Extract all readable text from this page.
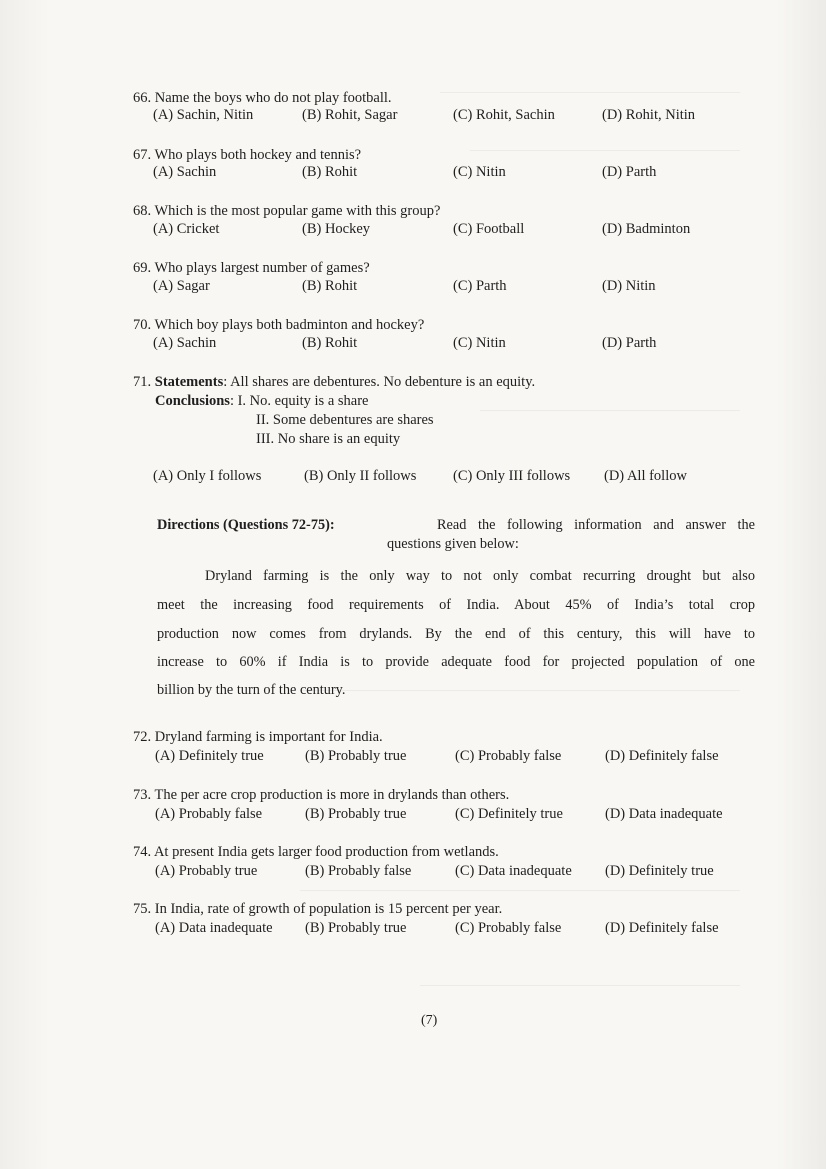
66. Name the boys who do not play football.
(A) Sachin, Nitin	(B) Rohit, Sagar	(C) Rohit, Sachin	(D) Rohit, Nitin
67. Who plays both hockey and tennis?
(A) Sachin	(B) Rohit	(C) Nitin	(D) Parth
68. Which is the most popular game with this group?
(A) Cricket	(B) Hockey	(C) Football	(D) Badminton
69. Who plays largest number of games?
(A) Sagar	(B) Rohit	(C) Parth	(D) Nitin
70. Which boy plays both badminton and hockey?
(A) Sachin	(B) Rohit	(C) Nitin	(D) Parth
71. Statements: All shares are debentures. No debenture is an equity.
Conclusions: I. No. equity is a share
II. Some debentures are shares
III. No share is an equity
(A) Only I follows	(B) Only II follows	(C) Only III follows (D) All follow
Directions (Questions 72-75):	Read the following information and answer the
questions given below:
Dryland farming is the only way to not only combat recurring drought but also
meet the increasing food requirements of India. About 45% of India’s total crop
production now comes from drylands. By the end of this century, this will have to
increase to 60% if India is to provide adequate food for projected population of one
billion by the turn of the century.
72. Dryland farming is important for India.
(A) Definitely true	(B) Probably true	(C) Probably false	(D) Definitely false
73. The per acre crop production is more in drylands than others.
(A) Probably false	(B) Probably true	(C) Definitely true	(D) Data inadequate
74. At present India gets larger food production from wetlands.
(A) Probably true	(B) Probably false	(C) Data inadequate (D) Definitely true
75. In India, rate of growth of population is 15 percent per year.
(A) Data inadequate (B) Probably true	(C) Probably false	(D) Definitely false
(7)
